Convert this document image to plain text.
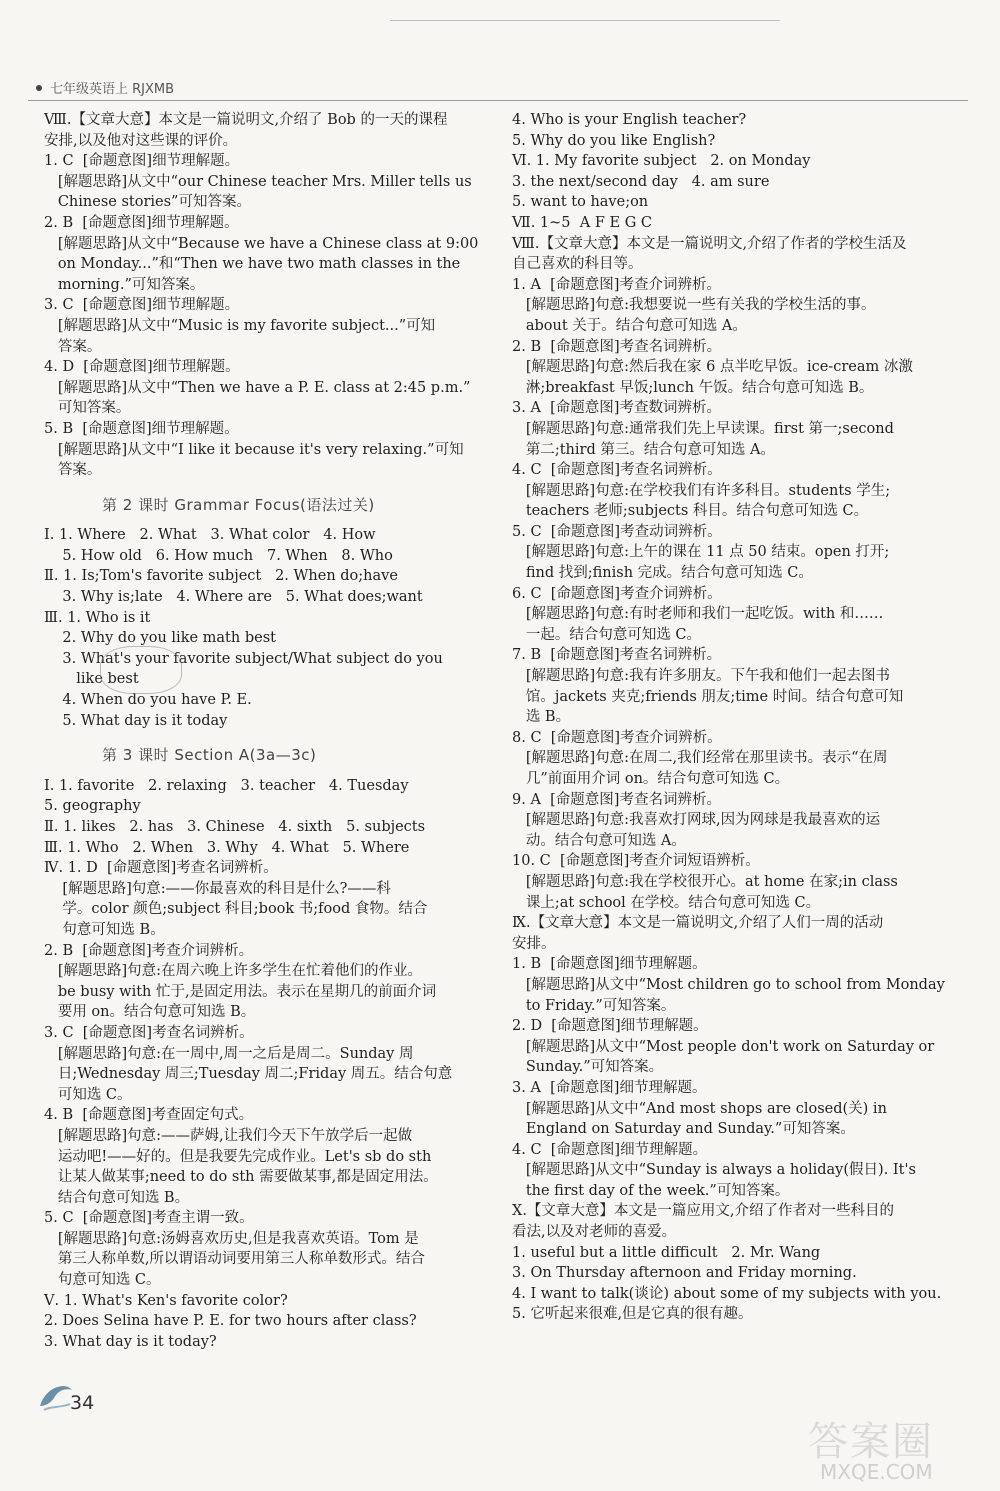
七年级英语上 RJXMB
Ⅷ.【文章大意】本文是一篇说明文,介绍了 Bob 的一天的课程
安排,以及他对这些课的评价。
1. C  [命题意图]细节理解题。
[解题思路]从文中“our Chinese teacher Mrs. Miller tells us
Chinese stories”可知答案。
2. B  [命题意图]细节理解题。
[解题思路]从文中“Because we have a Chinese class at 9:00
on Monday...”和“Then we have two math classes in the
morning.”可知答案。
3. C  [命题意图]细节理解题。
[解题思路]从文中“Music is my favorite subject...”可知
答案。
4. D  [命题意图]细节理解题。
[解题思路]从文中“Then we have a P. E. class at 2:45 p.m.”
可知答案。
5. B  [命题意图]细节理解题。
[解题思路]从文中“I like it because it's very relaxing.”可知
答案。
第 2 课时 Grammar Focus(语法过关)
Ⅰ. 1. Where   2. What   3. What color   4. How
5. How old   6. How much   7. When   8. Who
Ⅱ. 1. Is;Tom's favorite subject   2. When do;have
3. Why is;late   4. Where are   5. What does;want
Ⅲ. 1. Who is it
2. Why do you like math best
3. What's your favorite subject/What subject do you
like best
4. When do you have P. E.
5. What day is it today
第 3 课时 Section A(3a—3c)
Ⅰ. 1. favorite   2. relaxing   3. teacher   4. Tuesday
5. geography
Ⅱ. 1. likes   2. has   3. Chinese   4. sixth   5. subjects
Ⅲ. 1. Who   2. When   3. Why   4. What   5. Where
Ⅳ. 1. D  [命题意图]考查名词辨析。
[解题思路]句意:——你最喜欢的科目是什么?——科
学。color 颜色;subject 科目;book 书;food 食物。结合
句意可知选 B。
2. B  [命题意图]考查介词辨析。
[解题思路]句意:在周六晚上许多学生在忙着他们的作业。
be busy with 忙于,是固定用法。表示在星期几的前面介词
要用 on。结合句意可知选 B。
3. C  [命题意图]考查名词辨析。
[解题思路]句意:在一周中,周一之后是周二。Sunday 周
日;Wednesday 周三;Tuesday 周二;Friday 周五。结合句意
可知选 C。
4. B  [命题意图]考查固定句式。
[解题思路]句意:——萨姆,让我们今天下午放学后一起做
运动吧!——好的。但是我要先完成作业。Let's sb do sth
让某人做某事;need to do sth 需要做某事,都是固定用法。
结合句意可知选 B。
5. C  [命题意图]考查主谓一致。
[解题思路]句意:汤姆喜欢历史,但是我喜欢英语。Tom 是
第三人称单数,所以谓语动词要用第三人称单数形式。结合
句意可知选 C。
Ⅴ. 1. What's Ken's favorite color?
2. Does Selina have P. E. for two hours after class?
3. What day is it today?
4. Who is your English teacher?
5. Why do you like English?
Ⅵ. 1. My favorite subject   2. on Monday
3. the next/second day   4. am sure
5. want to have;on
Ⅶ. 1~5  A F E G C
Ⅷ.【文章大意】本文是一篇说明文,介绍了作者的学校生活及
自己喜欢的科目等。
1. A  [命题意图]考查介词辨析。
[解题思路]句意:我想要说一些有关我的学校生活的事。
about 关于。结合句意可知选 A。
2. B  [命题意图]考查名词辨析。
[解题思路]句意:然后我在家 6 点半吃早饭。ice-cream 冰激
淋;breakfast 早饭;lunch 午饭。结合句意可知选 B。
3. A  [命题意图]考查数词辨析。
[解题思路]句意:通常我们先上早读课。first 第一;second
第二;third 第三。结合句意可知选 A。
4. C  [命题意图]考查名词辨析。
[解题思路]句意:在学校我们有许多科目。students 学生;
teachers 老师;subjects 科目。结合句意可知选 C。
5. C  [命题意图]考查动词辨析。
[解题思路]句意:上午的课在 11 点 50 结束。open 打开;
find 找到;finish 完成。结合句意可知选 C。
6. C  [命题意图]考查介词辨析。
[解题思路]句意:有时老师和我们一起吃饭。with 和……
一起。结合句意可知选 C。
7. B  [命题意图]考查名词辨析。
[解题思路]句意:我有许多朋友。下午我和他们一起去图书
馆。jackets 夹克;friends 朋友;time 时间。结合句意可知
选 B。
8. C  [命题意图]考查介词辨析。
[解题思路]句意:在周二,我们经常在那里读书。表示“在周
几”前面用介词 on。结合句意可知选 C。
9. A  [命题意图]考查名词辨析。
[解题思路]句意:我喜欢打网球,因为网球是我最喜欢的运
动。结合句意可知选 A。
10. C  [命题意图]考查介词短语辨析。
[解题思路]句意:我在学校很开心。at home 在家;in class
课上;at school 在学校。结合句意可知选 C。
Ⅸ.【文章大意】本文是一篇说明文,介绍了人们一周的活动
安排。
1. B  [命题意图]细节理解题。
[解题思路]从文中“Most children go to school from Monday
to Friday.”可知答案。
2. D  [命题意图]细节理解题。
[解题思路]从文中“Most people don't work on Saturday or
Sunday.”可知答案。
3. A  [命题意图]细节理解题。
[解题思路]从文中“And most shops are closed(关) in
England on Saturday and Sunday.”可知答案。
4. C  [命题意图]细节理解题。
[解题思路]从文中“Sunday is always a holiday(假日). It's
the first day of the week.”可知答案。
Ⅹ.【文章大意】本文是一篇应用文,介绍了作者对一些科目的
看法,以及对老师的喜爱。
1. useful but a little difficult   2. Mr. Wang
3. On Thursday afternoon and Friday morning.
4. I want to talk(谈论) about some of my subjects with you.
5. 它听起来很难,但是它真的很有趣。
34
答案圈
MXQE.COM
